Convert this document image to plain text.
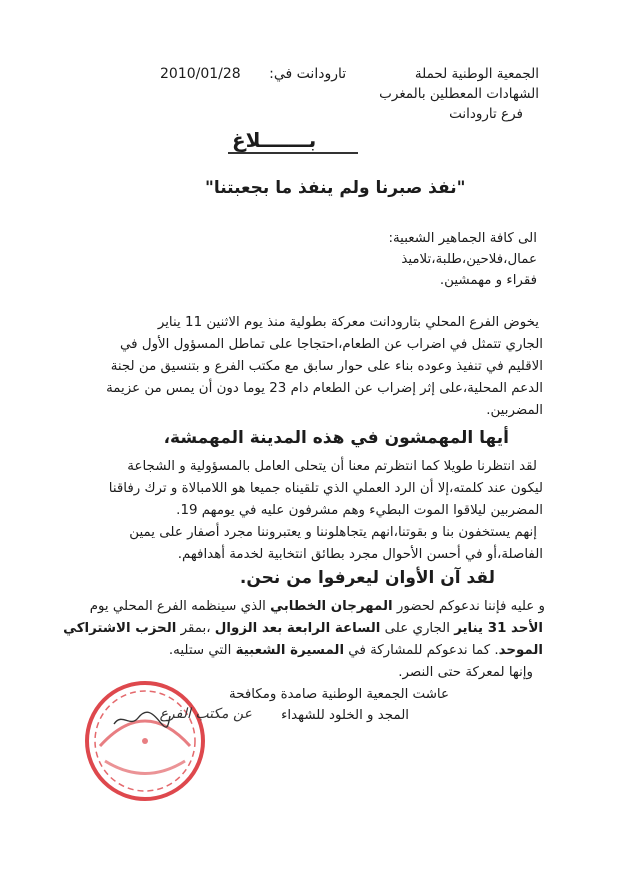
الجمعية الوطنية لحملة
الشهادات المعطلين بالمغرب
فرع تارودانت
تارودانت في: 2010/01/28
بـــــــلاغ
"نفذ صبرنا ولم ينفذ ما بجعبتنا"
الى كافة الجماهير الشعبية:
عمال،فلاحين،طلبة،تلاميذ
فقراء و مهمشين.
يخوض الفرع المحلي بتارودانت معركة بطولية منذ يوم الاثنين 11 يناير
الجاري تتمثل في اضراب عن الطعام،احتجاجا على تماطل المسؤول الأول في
الاقليم في تنفيذ وعوده بناء على حوار سابق مع مكتب الفرع و بتنسيق من لجنة
الدعم المحلية،على إثر إضراب عن الطعام دام 23 يوما دون أن يمس من عزيمة
المضربين.
أيها المهمشون في هذه المدينة المهمشة،
لقد انتظرنا طويلا كما انتظرتم معنا أن يتحلى العامل بالمسؤولية و الشجاعة
ليكون عند كلمته،إلا أن الرد العملي الذي تلقيناه جميعا هو اللامبالاة و ترك رفاقنا
المضربين ليلاقوا الموت البطيء وهم مشرفون عليه في يومهم 19.
إنهم يستخفون بنا و بقوتنا،انهم يتجاهلوننا و يعتبروننا مجرد أصفار على يمين
الفاصلة،أو في أحسن الأحوال مجرد بطائق انتخابية لخدمة أهدافهم.
لقد آن الأوان ليعرفوا من نحن.
و عليه فإننا ندعوكم لحضور المهرجان الخطابي الذي سينظمه الفرع المحلي يوم
الأحد 31 يناير الجاري على الساعة الرابعة بعد الزوال ،بمقر الحزب الاشتراكي
الموحد. كما ندعوكم للمشاركة في المسيرة الشعبية التي ستليه.
وإنها لمعركة حتى النصر.
عاشت الجمعية الوطنية صامدة ومكافحة
المجد و الخلود للشهداء
عن مكتب الفرع
